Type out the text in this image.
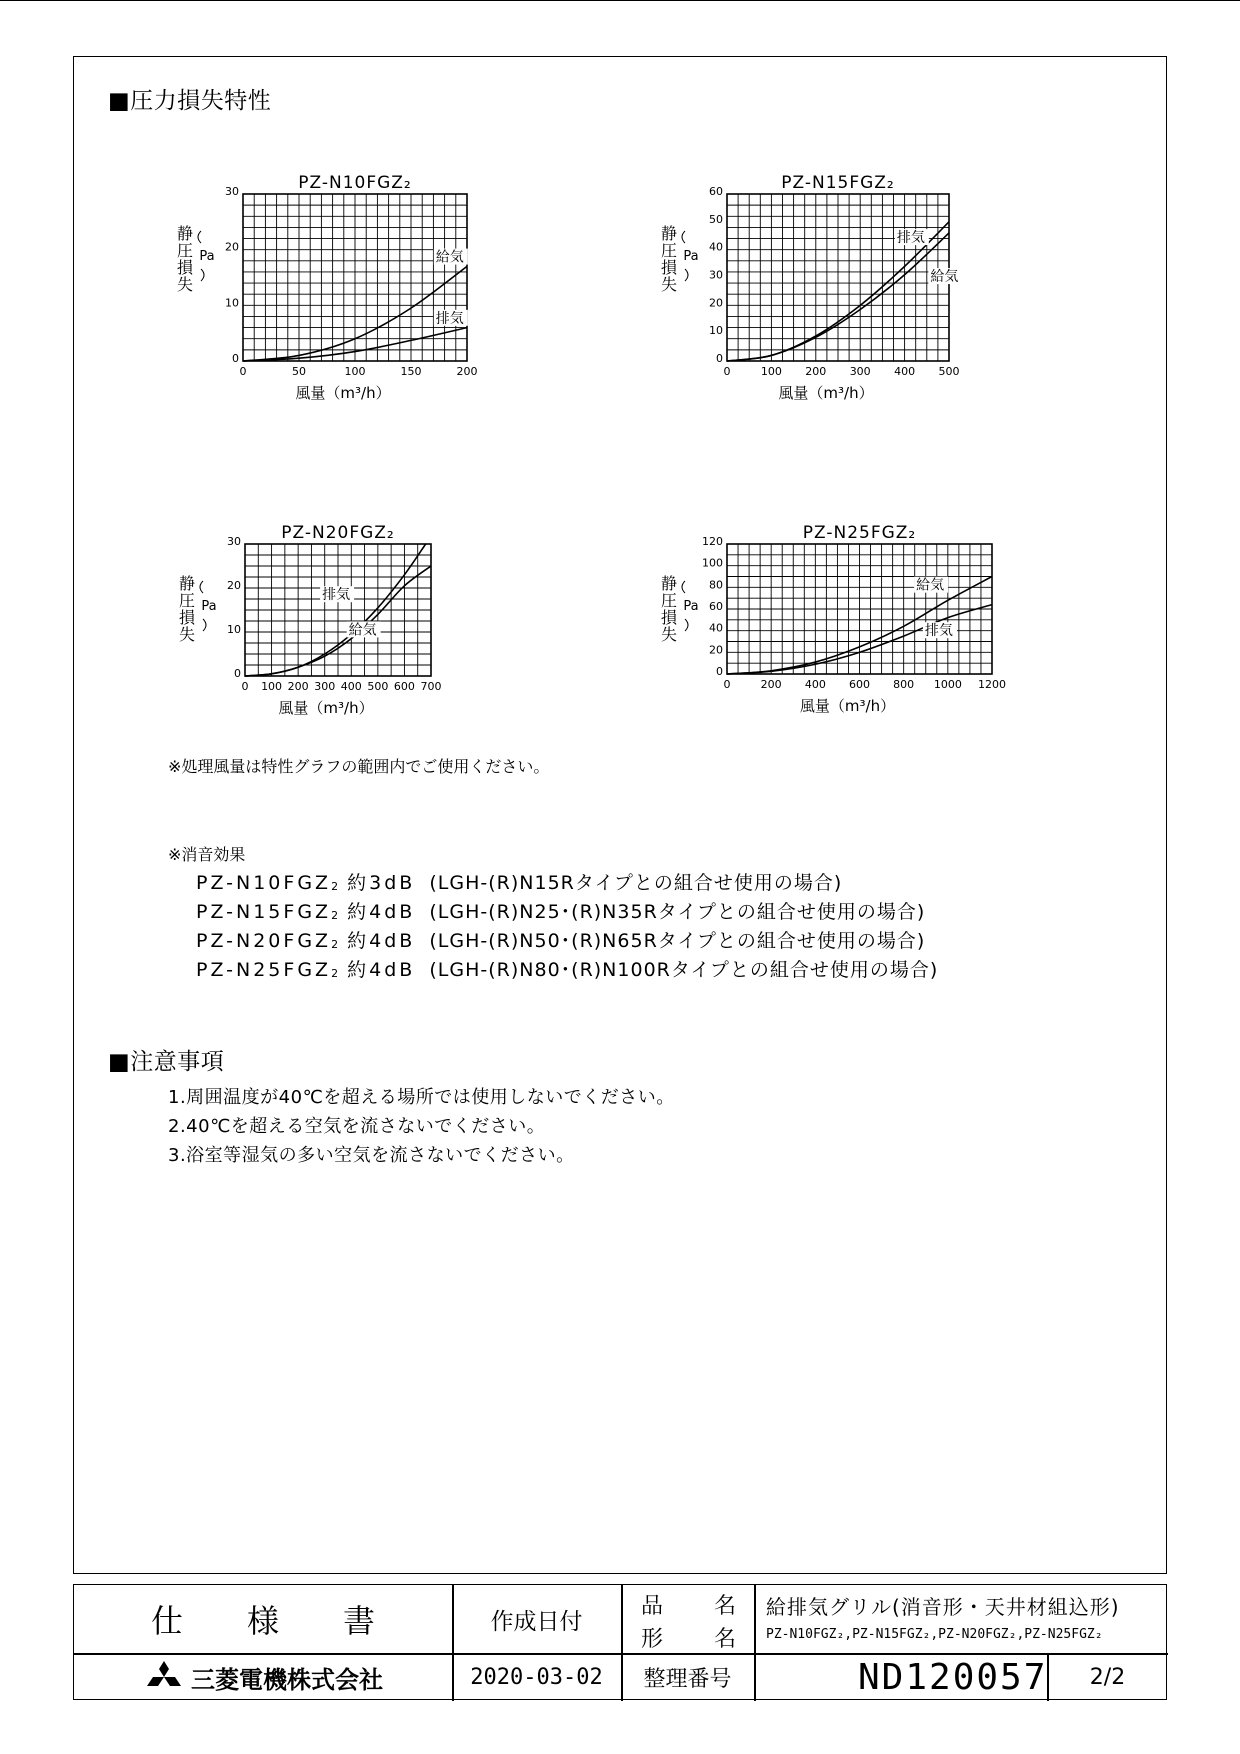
■圧力損失特性
PZ-N10FGZ₂
0	50	100	150	200
0
10
20
30
静
圧
損
失
Pa
風量（m³/h）
給気
排気
PZ-N15FGZ₂
0	100 200 300 400 500
0
10
20
30
40
50
60
静
圧
損
失
Pa
風量（m³/h）
排気
給気
PZ-N20FGZ₂
0 100 200 300 400 500 600 700
0
10
20
30
静
圧
損
失
Pa
風量（m³/h）
排気
給気
PZ-N25FGZ₂
0	200 400 600 800 1000 1200
0
20
40
60
80
100
120
静
圧
損
失
Pa
風量（m³/h）
給気
排気
※処理風量は特性グラフの範囲内でご使用ください。
※消音効果
$PZ-N10FGZ_2$ 約3dB  (LGH-(R)N15Rタイプとの組合せ使用の場合)
$PZ-N15FGZ_2$ 約4dB  (LGH-(R)N25･(R)N35Rタイプとの組合せ使用の場合)
$PZ-N20FGZ_2$ 約4dB  (LGH-(R)N50･(R)N65Rタイプとの組合せ使用の場合)
$PZ-N25FGZ_2$ 約4dB  (LGH-(R)N80･(R)N100Rタイプとの組合せ使用の場合)
■注意事項
1.周囲温度が40℃を超える場所では使用しないでください。
2.40℃を超える空気を流さないでください。
3.浴室等湿気の多い空気を流さないでください。
仕　　様　　書	作成日付
品 名
形 名
給排気グリル(消音形・天井材組込形)
PZ-N10FGZ₂,PZ-N15FGZ₂,PZ-N20FGZ₂,PZ-N25FGZ₂
三菱電機株式会社	2020-03-02	整理番号	ND120057	2/2
